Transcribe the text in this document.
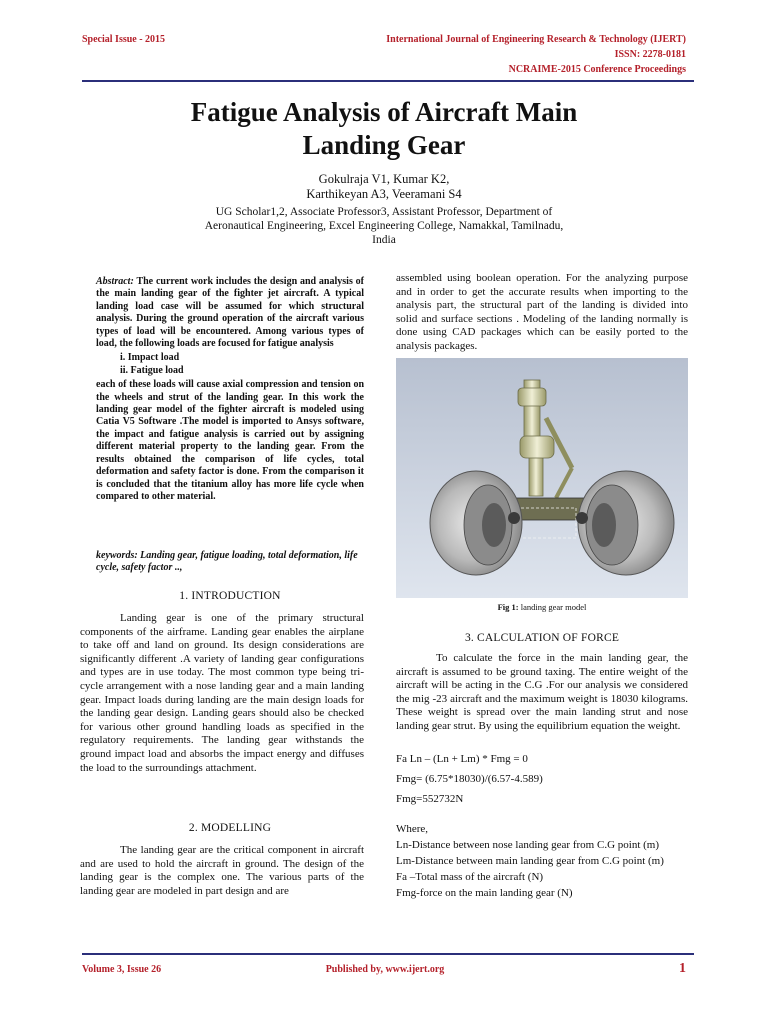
Special Issue - 2015	International Journal of Engineering Research & Technology (IJERT)
ISSN: 2278-0181
NCRAIME-2015 Conference Proceedings
Fatigue Analysis of Aircraft Main
Landing Gear
Gokulraja V1, Kumar K2,
Karthikeyan A3, Veeramani S4
UG Scholar1,2, Associate Professor3, Assistant Professor, Department of
Aeronautical Engineering, Excel Engineering College, Namakkal, Tamilnadu,
India

Abstract: The current work includes the design and analysis of the main landing gear of the fighter jet aircraft. A typical landing load case will be assumed for which structural analysis. During the ground operation of the aircraft various types of load will be encountered. Among various types of load, the following loads are focused for fatigue analysis

i. Impact load
ii. Fatigue load

each of these loads will cause axial compression and tension on the wheels and strut of the landing gear. In this work the landing gear model of the fighter aircraft is modeled using Catia V5 Software .The model is imported to Ansys software, the impact and fatigue analysis is carried out by assigning different material property to the landing gear. From the results obtained the comparison of life cycles, total deformation and safety factor is done. From the comparison it is concluded that the titanium alloy has more life cycle when compared to other material.

keywords: Landing gear, fatigue loading, total deformation, life cycle, safety factor ..,
1. INTRODUCTION

Landing gear is one of the primary structural components of the airframe. Landing gear enables the airplane to take off and land on ground. Its design considerations are significantly different .A variety of landing gear configurations and types are in use today. The most common type being tri-cycle arrangement with a nose landing gear and a main landing gear. Impact loads during landing are the main design loads for the landing gear design. Landing gears should also be checked for various other ground handling loads as specified in the regulatory requirements. The landing gear withstands the ground impact load and absorbs the impact energy and diffuses the load to the surroundings attachment.

2. MODELLING

The landing gear are the critical component in aircraft and are used to hold the aircraft in ground. The design of the landing gear is the complex one. The various parts of the landing gear are modeled in part design and are

assembled using boolean operation. For the analyzing purpose and in order to get the accurate results when importing to the analysis part, the structural part of the landing is divided into solid and surface sections . Modeling of the landing normally is done using CAD packages which can be easily ported to the analysis packages.
Fig 1: landing gear model
3. CALCULATION OF FORCE

To calculate the force in the main landing gear, the aircraft is assumed to be ground taxing. The entire weight of the aircraft will be acting in the C.G .For our analysis we considered the mig -23 aircraft and the maximum weight is 18030 kilograms. These weight is spread over the main landing strut and nose landing gear strut. By using the equilibrium equation the weight.

Fa Ln – (Ln + Lm) * Fmg = 0
Fmg= (6.75*18030)/(6.57-4.589)
Fmg=552732N
Where,
Ln-Distance between nose landing gear from C.G point (m)
Lm-Distance between main landing gear from C.G point (m)
Fa –Total mass of the aircraft (N)
Fmg-force on the main landing gear (N)
Volume 3, Issue 26	Published by, www.ijert.org	1
